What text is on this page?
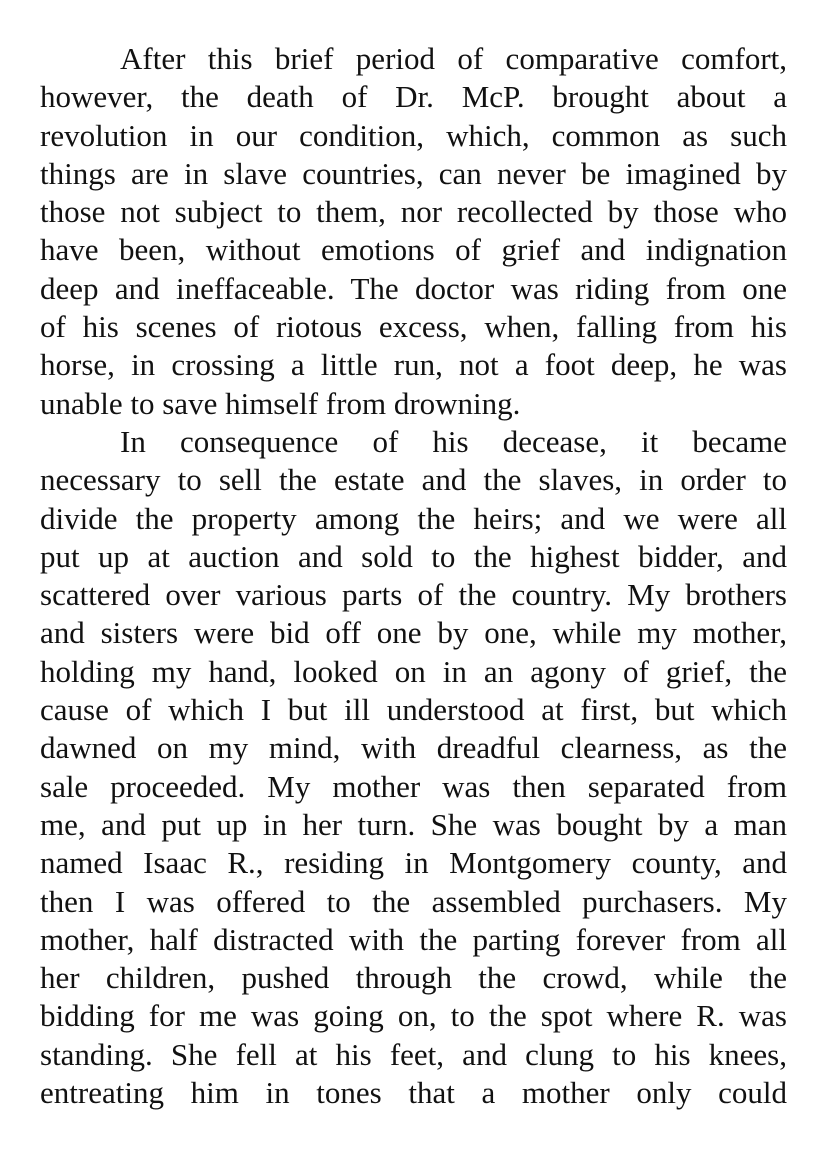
After this brief period of comparative comfort,
however, the death of Dr. McP. brought about a
revolution in our condition, which, common as such
things are in slave countries, can never be imagined by
those not subject to them, nor recollected by those who
have been, without emotions of grief and indignation
deep and ineffaceable. The doctor was riding from one
of his scenes of riotous excess, when, falling from his
horse, in crossing a little run, not a foot deep, he was
unable to save himself from drowning.
In consequence of his decease, it became
necessary to sell the estate and the slaves, in order to
divide the property among the heirs; and we were all
put up at auction and sold to the highest bidder, and
scattered over various parts of the country. My brothers
and sisters were bid off one by one, while my mother,
holding my hand, looked on in an agony of grief, the
cause of which I but ill understood at first, but which
dawned on my mind, with dreadful clearness, as the
sale proceeded. My mother was then separated from
me, and put up in her turn. She was bought by a man
named Isaac R., residing in Montgomery county, and
then I was offered to the assembled purchasers. My
mother, half distracted with the parting forever from all
her children, pushed through the crowd, while the
bidding for me was going on, to the spot where R. was
standing. She fell at his feet, and clung to his knees,
entreating him in tones that a mother only could
